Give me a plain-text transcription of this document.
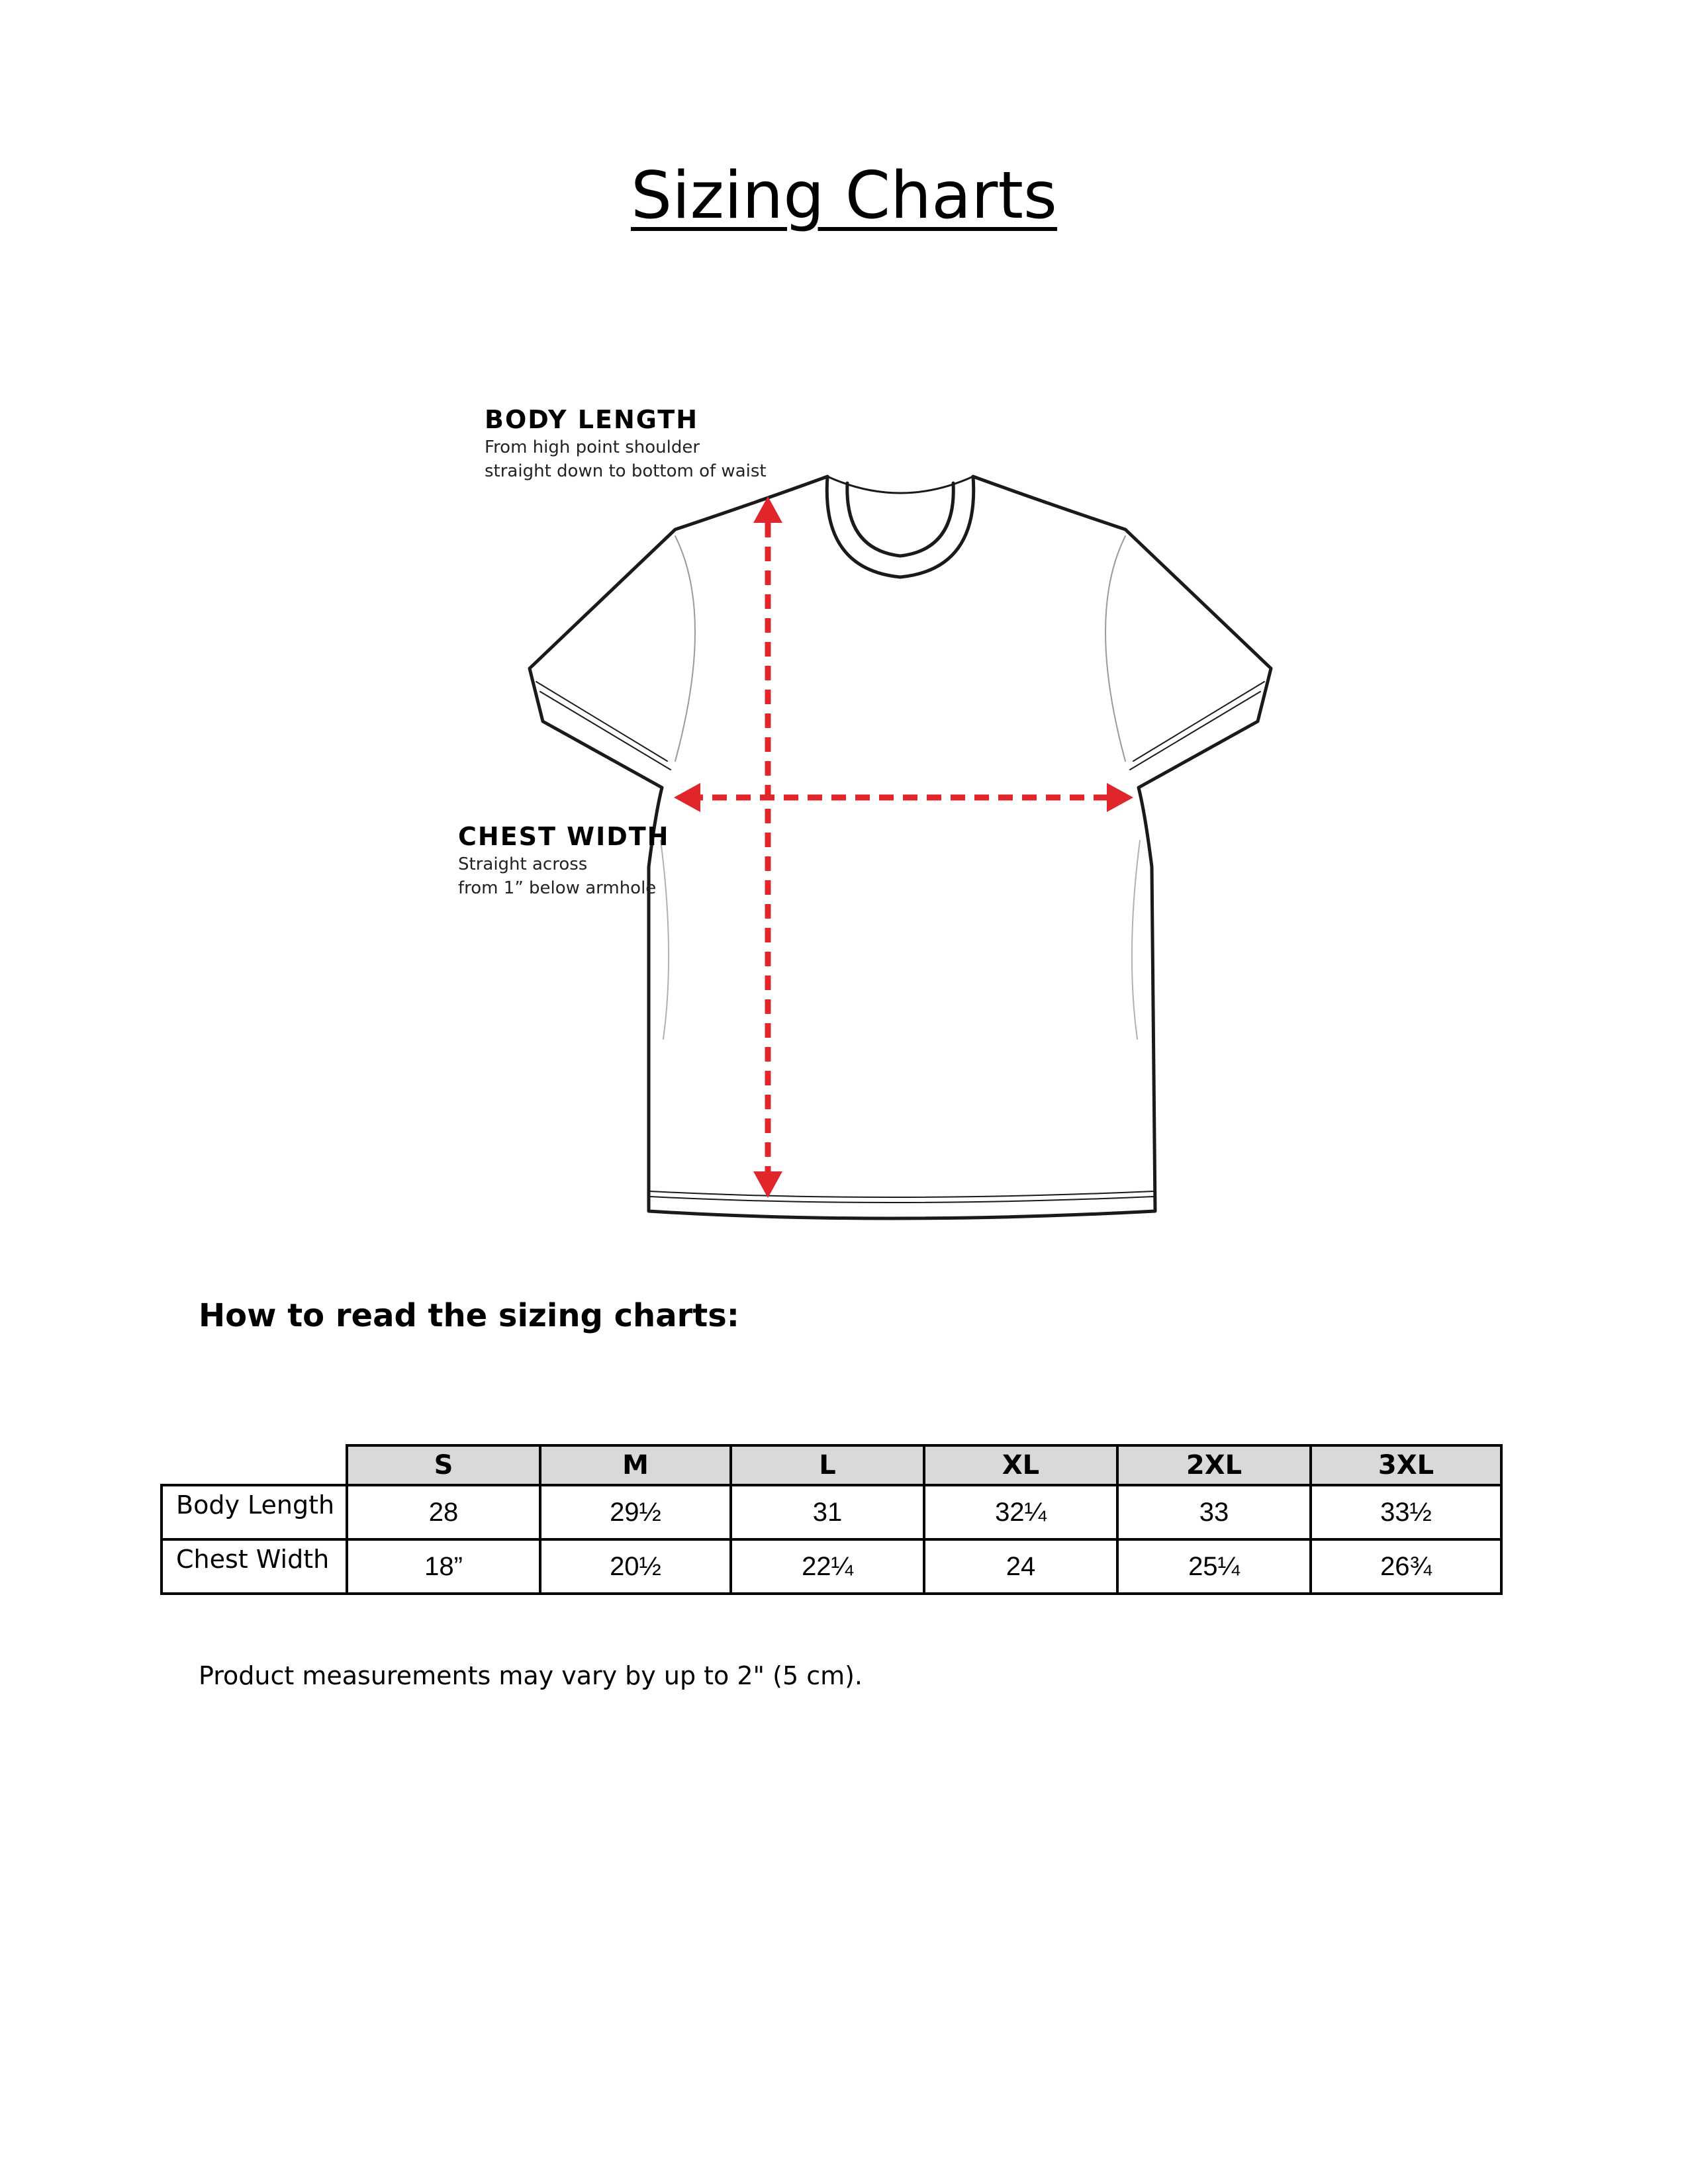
Sizing Charts
BODY LENGTH
From high point shoulder
straight down to bottom of waist
CHEST WIDTH
Straight across
from 1” below armhole
How to read the sizing charts:
	S	M	L	XL	2XL	3XL
Body Length	28	29½	31	32¼	33	33½
Chest Width	18”	20½	22¼	24	25¼	26¾

Product measurements may vary by up to 2" (5 cm).
